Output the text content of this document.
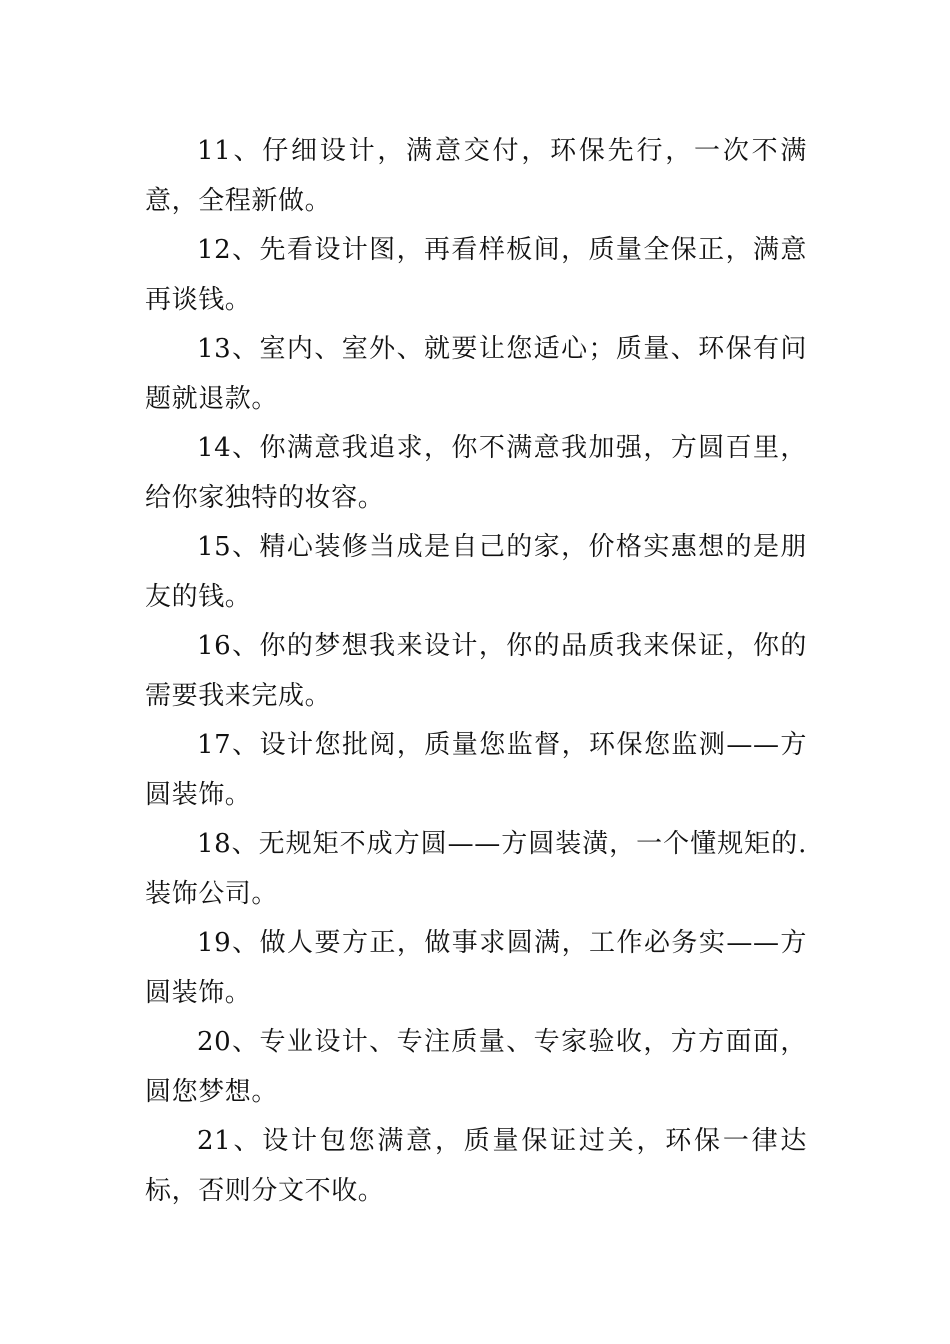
11、仔细设计，满意交付，环保先行，一次不满意，全程新做。

12、先看设计图，再看样板间，质量全保正，满意再谈钱。

13、室内、室外、就要让您适心；质量、环保有问题就退款。

14、你满意我追求，你不满意我加强，方圆百里，给你家独特的妆容。

15、精心装修当成是自己的家，价格实惠想的是朋友的钱。

16、你的梦想我来设计，你的品质我来保证，你的需要我来完成。

17、设计您批阅，质量您监督，环保您监测——方圆装饰。

18、无规矩不成方圆——方圆装潢，一个懂规矩的.装饰公司。

19、做人要方正，做事求圆满，工作必务实——方圆装饰。

20、专业设计、专注质量、专家验收，方方面面，圆您梦想。

21、设计包您满意，质量保证过关，环保一律达标，否则分文不收。
